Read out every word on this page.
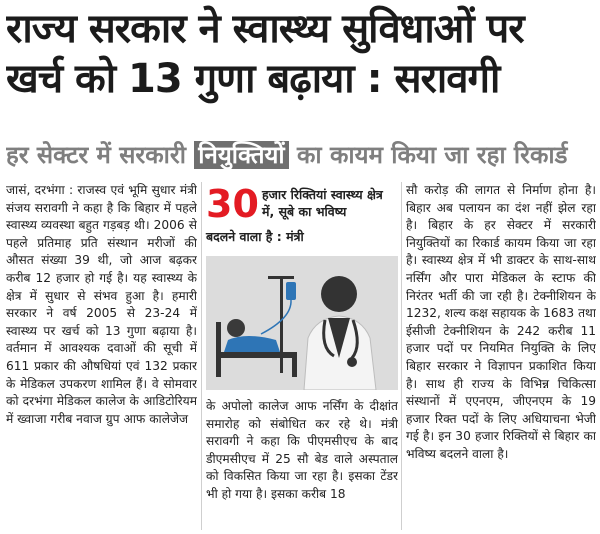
राज्य सरकार ने स्वास्थ्य सुविधाओं पर
खर्च को 13 गुणा बढ़ाया : सरावगी
हर सेक्टर में सरकारी नियुक्तियों का कायम किया जा रहा रिकार्ड
जासं, दरभंगा : राजस्व एवं भूमि सुधार मंत्री संजय सरावगी ने कहा है कि बिहार में पहले स्वास्थ्य व्यवस्था बहुत गड़बड़ थी। 2006 से पहले प्रतिमाह प्रति संस्थान मरीजों की औसत संख्या 39 थी, जो आज बढ़कर करीब 12 हजार हो गई है। यह स्वास्थ्य के क्षेत्र में सुधार से संभव हुआ है। हमारी सरकार ने वर्ष 2005 से 23-24 में स्वास्थ्य पर खर्च को 13 गुणा बढ़ाया है। वर्तमान में आवश्यक दवाओं की सूची में 611 प्रकार की औषधियां एवं 132 प्रकार के मेडिकल उपकरण शामिल हैं। वे सोमवार को दरभंगा मेडिकल कालेज के आडिटोरियम में ख्वाजा गरीब नवाज ग्रुप आफ कालेजेज
30 हजार रिक्तियां स्वास्थ्य क्षेत्र में, सूबे का भविष्य
बदलने वाला है : मंत्री
के अपोलो कालेज आफ नर्सिंग के दीक्षांत समारोह को संबोधित कर रहे थे। मंत्री सरावगी ने कहा कि पीएमसीएच के बाद डीएमसीएच में 25 सौ बेड वाले अस्पताल को विकसित किया जा रहा है। इसका टेंडर भी हो गया है। इसका करीब 18
सौ करोड़ की लागत से निर्माण होना है। बिहार अब पलायन का दंश नहीं झेल रहा है। बिहार के हर सेक्टर में सरकारी नियुक्तियों का रिकार्ड कायम किया जा रहा है। स्वास्थ्य क्षेत्र में भी डाक्टर के साथ-साथ नर्सिंग और पारा मेडिकल के स्टाफ की निरंतर भर्ती की जा रही है। टेक्नीशियन के 1232, शल्य कक्ष सहायक के 1683 तथा ईसीजी टेक्नीशियन के 242 करीब 11 हजार पदों पर नियमित नियुक्ति के लिए बिहार सरकार ने विज्ञापन प्रकाशित किया है। साथ ही राज्य के विभिन्न चिकित्सा संस्थानों में एएनएम, जीएनएम के 19 हजार रिक्त पदों के लिए अधियाचना भेजी गई है। इन 30 हजार रिक्तियों से बिहार का भविष्य बदलने वाला है।
